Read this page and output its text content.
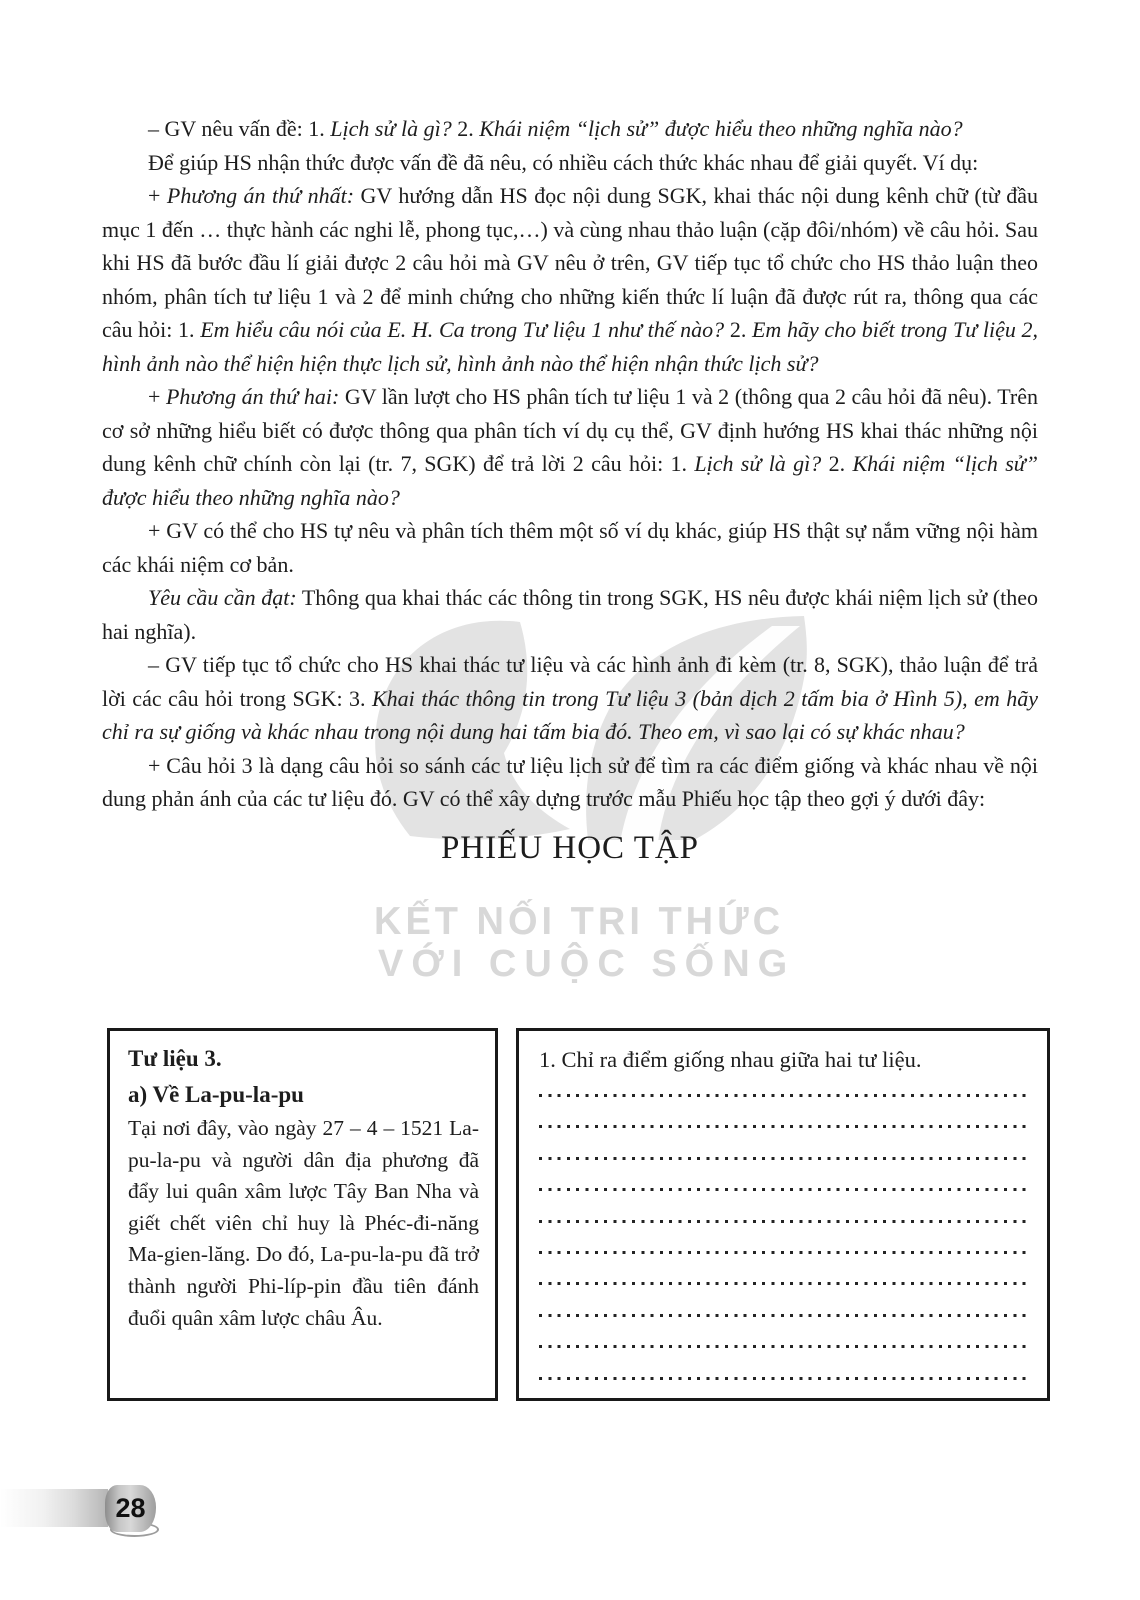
KẾT NỐI TRI THỨC
VỚI CUỘC SỐNG

– GV nêu vấn đề: 1. Lịch sử là gì? 2. Khái niệm “lịch sử” được hiểu theo những nghĩa nào?

Để giúp HS nhận thức được vấn đề đã nêu, có nhiều cách thức khác nhau để giải quyết. Ví dụ:

+ Phương án thứ nhất: GV hướng dẫn HS đọc nội dung SGK, khai thác nội dung kênh chữ (từ đầu mục 1 đến … thực hành các nghi lễ, phong tục,…) và cùng nhau thảo luận (cặp đôi/nhóm) về câu hỏi. Sau khi HS đã bước đầu lí giải được 2 câu hỏi mà GV nêu ở trên, GV tiếp tục tổ chức cho HS thảo luận theo nhóm, phân tích tư liệu 1 và 2 để minh chứng cho những kiến thức lí luận đã được rút ra, thông qua các câu hỏi: 1. Em hiểu câu nói của E. H. Ca trong Tư liệu 1 như thế nào? 2. Em hãy cho biết trong Tư liệu 2, hình ảnh nào thể hiện hiện thực lịch sử, hình ảnh nào thể hiện nhận thức lịch sử?

+ Phương án thứ hai: GV lần lượt cho HS phân tích tư liệu 1 và 2 (thông qua 2 câu hỏi đã nêu). Trên cơ sở những hiểu biết có được thông qua phân tích ví dụ cụ thể, GV định hướng HS khai thác những nội dung kênh chữ chính còn lại (tr. 7, SGK) để trả lời 2 câu hỏi: 1. Lịch sử là gì? 2. Khái niệm “lịch sử” được hiểu theo những nghĩa nào?

+ GV có thể cho HS tự nêu và phân tích thêm một số ví dụ khác, giúp HS thật sự nắm vững nội hàm các khái niệm cơ bản.

Yêu cầu cần đạt: Thông qua khai thác các thông tin trong SGK, HS nêu được khái niệm lịch sử (theo hai nghĩa).

– GV tiếp tục tổ chức cho HS khai thác tư liệu và các hình ảnh đi kèm (tr. 8, SGK), thảo luận để trả lời các câu hỏi trong SGK: 3. Khai thác thông tin trong Tư liệu 3 (bản dịch 2 tấm bia ở Hình 5), em hãy chỉ ra sự giống và khác nhau trong nội dung hai tấm bia đó. Theo em, vì sao lại có sự khác nhau?

+ Câu hỏi 3 là dạng câu hỏi so sánh các tư liệu lịch sử để tìm ra các điểm giống và khác nhau về nội dung phản ánh của các tư liệu đó. GV có thể xây dựng trước mẫu Phiếu học tập theo gợi ý dưới đây:

PHIẾU HỌC TẬP

Tư liệu 3.

a) Về La-pu-la-pu

Tại nơi đây, vào ngày 27 – 4 – 1521 La-pu-la-pu và người dân địa phương đã đẩy lui quân xâm lược Tây Ban Nha và giết chết viên chỉ huy là Phéc-đi-năng Ma-gien-lăng. Do đó, La-pu-la-pu đã trở thành người Phi-líp-pin đầu tiên đánh đuổi quân xâm lược châu Âu.

1. Chỉ ra điểm giống nhau giữa hai tư liệu.

28
